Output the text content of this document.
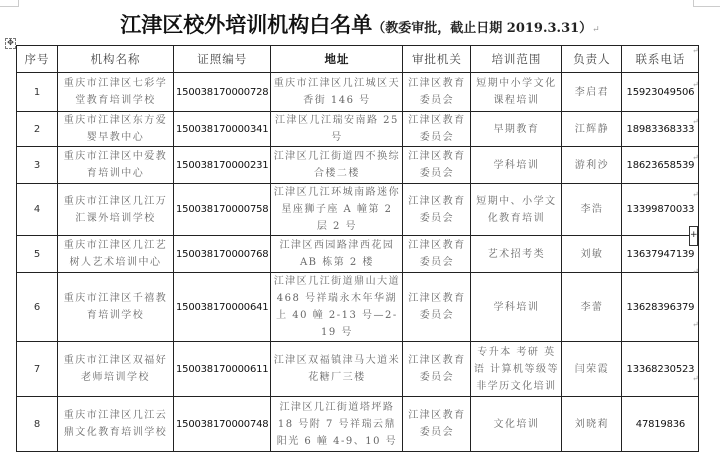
江津区校外培训机构白名单（教委审批，截止日期 2019.3.31）↵
✥
序号	机构名称	证照编号	地址	审批机关	培训范围	负责人	联系电话
1	重庆市江津区七彩学堂教育培训学校	150038170000728	重庆市江津区几江城区天香街 146 号	江津区教育委员会	短期中小学文化课程培训	李启君	15923049506
2	重庆市江津区东方爱婴早教中心	150038170000341	江津区几江瑞安南路 25 号	江津区教育委员会	早期教育	江辉静	18983368333
3	重庆市江津区中爱教育培训中心	150038170000231	江津区几江街道四不换综合楼二楼	江津区教育委员会	学科培训	游利沙	18623658539
4	重庆市江津区几江万汇课外培训学校	150038170000758	江津区几江环城南路迷你星座狮子座 A 幢第 2 层 2 号	江津区教育委员会	短期中、小学文化教育培训	李浩	13399870033
5	重庆市江津区几江艺树人艺术培训中心	150038170000768	江津区西园路津西花园 AB 栋第 2 楼	江津区教育委员会	艺术招考类	刘敏	13637947139
6	重庆市江津区千禧教育培训学校	150038170000641	江津区几江街道鼎山大道 468 号祥瑞永木年华湖上 40 幢 2-13 号—2-19 号	江津区教育委员会	学科培训	李蕾	13628396379
7	重庆市江津区双福好老师培训学校	150038170000611	江津区双福镇津马大道米花糖厂三楼	江津区教育委员会	专升本 考研 英语 计算机等级等非学历文化培训	闫荣霞	13368230523
8	重庆市江津区几江云鼎文化教育培训学校	150038170000748	江津区几江街道塔坪路 18 号附 7 号祥瑞云鼎阳光 6 幢 4-9、10 号	江津区教育委员会	文化培训	刘晓莉	47819836
↵
↵
↵
↵
↵
↵
↵
↵
+
